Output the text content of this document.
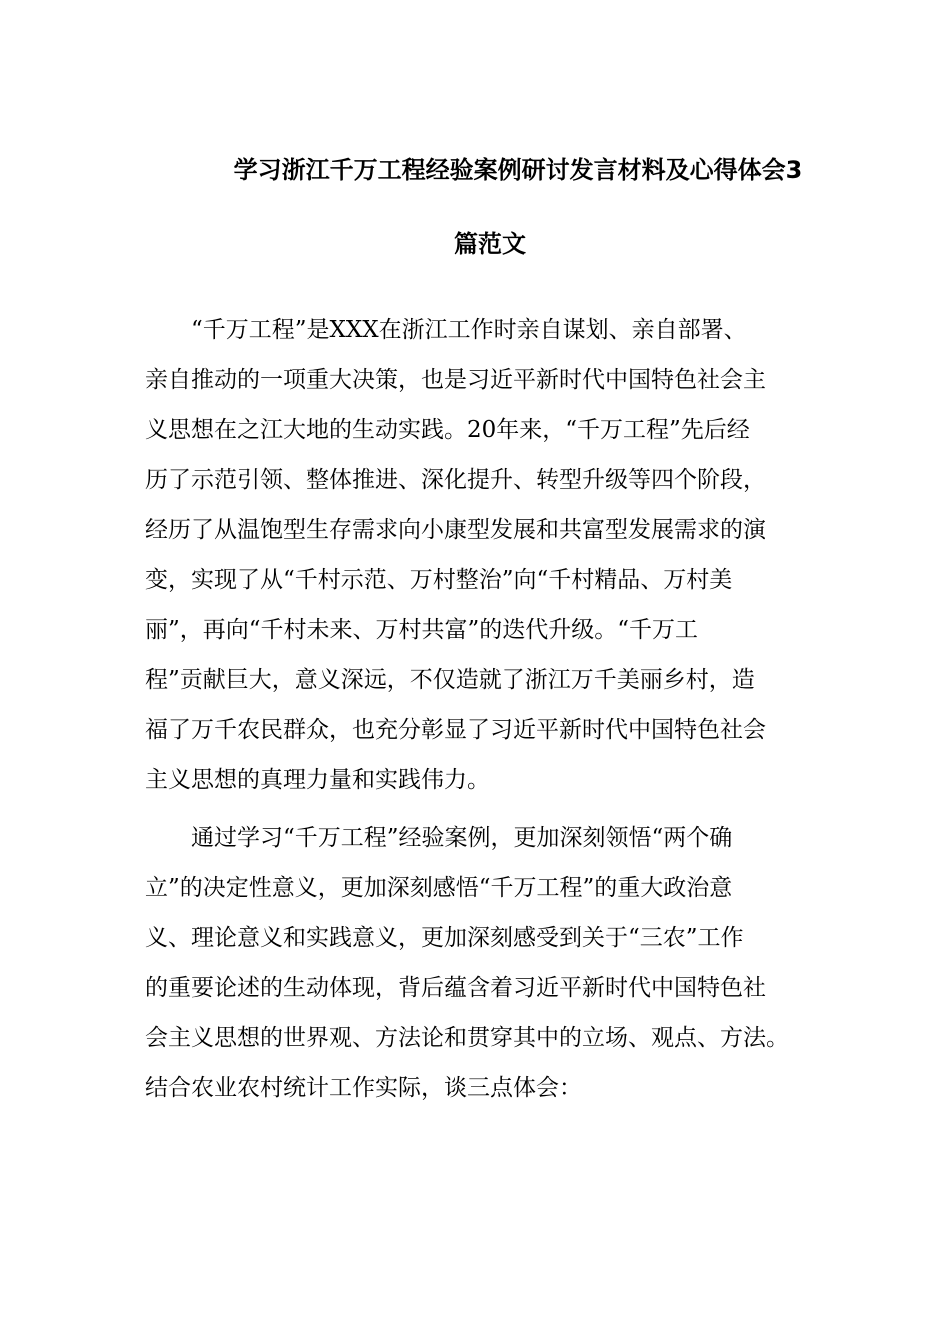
学习浙江千万工程经验案例研讨发言材料及心得体会3
篇范文
　　“千万工程”是XXX在浙江工作时亲自谋划、亲自部署、
亲自推动的一项重大决策，也是习近平新时代中国特色社会主
义思想在之江大地的生动实践。20年来，“千万工程”先后经
历了示范引领、整体推进、深化提升、转型升级等四个阶段，
经历了从温饱型生存需求向小康型发展和共富型发展需求的演
变，实现了从“千村示范、万村整治”向“千村精品、万村美
丽”，再向“千村未来、万村共富”的迭代升级。“千万工
程”贡献巨大，意义深远，不仅造就了浙江万千美丽乡村，造
福了万千农民群众，也充分彰显了习近平新时代中国特色社会
主义思想的真理力量和实践伟力。
　　通过学习“千万工程”经验案例，更加深刻领悟“两个确
立”的决定性意义，更加深刻感悟“千万工程”的重大政治意
义、理论意义和实践意义，更加深刻感受到关于“三农”工作
的重要论述的生动体现，背后蕴含着习近平新时代中国特色社
会主义思想的世界观、方法论和贯穿其中的立场、观点、方法。
结合农业农村统计工作实际，谈三点体会：
